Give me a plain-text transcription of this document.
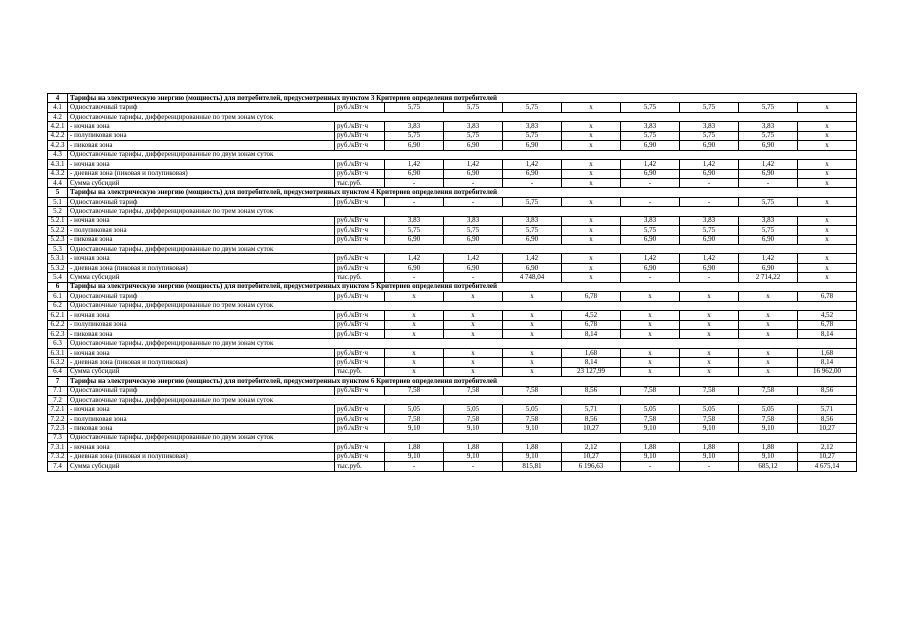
4	Тарифы на электрическую энергию (мощность) для потребителей, предусмотренных пунктом 3 Критериев определения потребителей									
4.1	Одноставочный тариф	руб./кВт·ч	5,75	5,75	5,75	x	5,75	5,75	5,75	x
4.2	Одноставочные тарифы, дифференцированные по трем зонам суток									
4.2.1	- ночная зона	руб./кВт·ч	3,83	3,83	3,83	x	3,83	3,83	3,83	x
4.2.2	- полупиковая зона	руб./кВт·ч	5,75	5,75	5,75	x	5,75	5,75	5,75	x
4.2.3	- пиковая зона	руб./кВт·ч	6,90	6,90	6,90	x	6,90	6,90	6,90	x
4.3	Одноставочные тарифы, дифференцированные по двум зонам суток									
4.3.1	- ночная зона	руб./кВт·ч	1,42	1,42	1,42	x	1,42	1,42	1,42	x
4.3.2	- дневная зона (пиковая и полупиковая)	руб./кВт·ч	6,90	6,90	6,90	x	6,90	6,90	6,90	x
4.4	Сумма субсидий	тыс.руб.	-	-	-	x	-	-	-	x
5	Тарифы на электрическую энергию (мощность) для потребителей, предусмотренных пунктом 4 Критериев определения потребителей									
5.1	Одноставочный тариф	руб./кВт·ч	-	-	5,75	x	-	-	5,75	x
5.2	Одноставочные тарифы, дифференцированные по трем зонам суток									
5.2.1	- ночная зона	руб./кВт·ч	3,83	3,83	3,83	x	3,83	3,83	3,83	x
5.2.2	- полупиковая зона	руб./кВт·ч	5,75	5,75	5,75	x	5,75	5,75	5,75	x
5.2.3	- пиковая зона	руб./кВт·ч	6,90	6,90	6,90	x	6,90	6,90	6,90	x
5.3	Одноставочные тарифы, дифференцированные по двум зонам суток									
5.3.1	- ночная зона	руб./кВт·ч	1,42	1,42	1,42	x	1,42	1,42	1,42	x
5.3.2	- дневная зона (пиковая и полупиковая)	руб./кВт·ч	6,90	6,90	6,90	x	6,90	6,90	6,90	x
5.4	Сумма субсидий	тыс.руб.	-	-	4 748,04	x	-	-	2 714,22	x
6	Тарифы на электрическую энергию (мощность) для потребителей, предусмотренных пунктом 5 Критериев определения потребителей									
6.1	Одноставочный тариф	руб./кВт·ч	x	x	x	6,78	x	x	x	6,78
6.2	Одноставочные тарифы, дифференцированные по трем зонам суток									
6.2.1	- ночная зона	руб./кВт·ч	x	x	x	4,52	x	x	x	4,52
6.2.2	- полупиковая зона	руб./кВт·ч	x	x	x	6,78	x	x	x	6,78
6.2.3	- пиковая зона	руб./кВт·ч	x	x	x	8,14	x	x	x	8,14
6.3	Одноставочные тарифы, дифференцированные по двум зонам суток									
6.3.1	- ночная зона	руб./кВт·ч	x	x	x	1,68	x	x	x	1,68
6.3.2	- дневная зона (пиковая и полупиковая)	руб./кВт·ч	x	x	x	8,14	x	x	x	8,14
6.4	Сумма субсидий	тыс.руб.	x	x	x	23 127,99	x	x	x	16 962,00
7	Тарифы на электрическую энергию (мощность) для потребителей, предусмотренных пунктом 6 Критериев определения потребителей									
7.1	Одноставочный тариф	руб./кВт·ч	7,58	7,58	7,58	8,56	7,58	7,58	7,58	8,56
7.2	Одноставочные тарифы, дифференцированные по трем зонам суток									
7.2.1	- ночная зона	руб./кВт·ч	5,05	5,05	5,05	5,71	5,05	5,05	5,05	5,71
7.2.2	- полупиковая зона	руб./кВт·ч	7,58	7,58	7,58	8,56	7,58	7,58	7,58	8,56
7.2.3	- пиковая зона	руб./кВт·ч	9,10	9,10	9,10	10,27	9,10	9,10	9,10	10,27
7.3	Одноставочные тарифы, дифференцированные по двум зонам суток									
7.3.1	- ночная зона	руб./кВт·ч	1,88	1,88	1,88	2,12	1,88	1,88	1,88	2,12
7.3.2	- дневная зона (пиковая и полупиковая)	руб./кВт·ч	9,10	9,10	9,10	10,27	9,10	9,10	9,10	10,27
7.4	Сумма субсидий	тыс.руб.	-	-	815,81	6 196,63	-	-	685,12	4 675,14
